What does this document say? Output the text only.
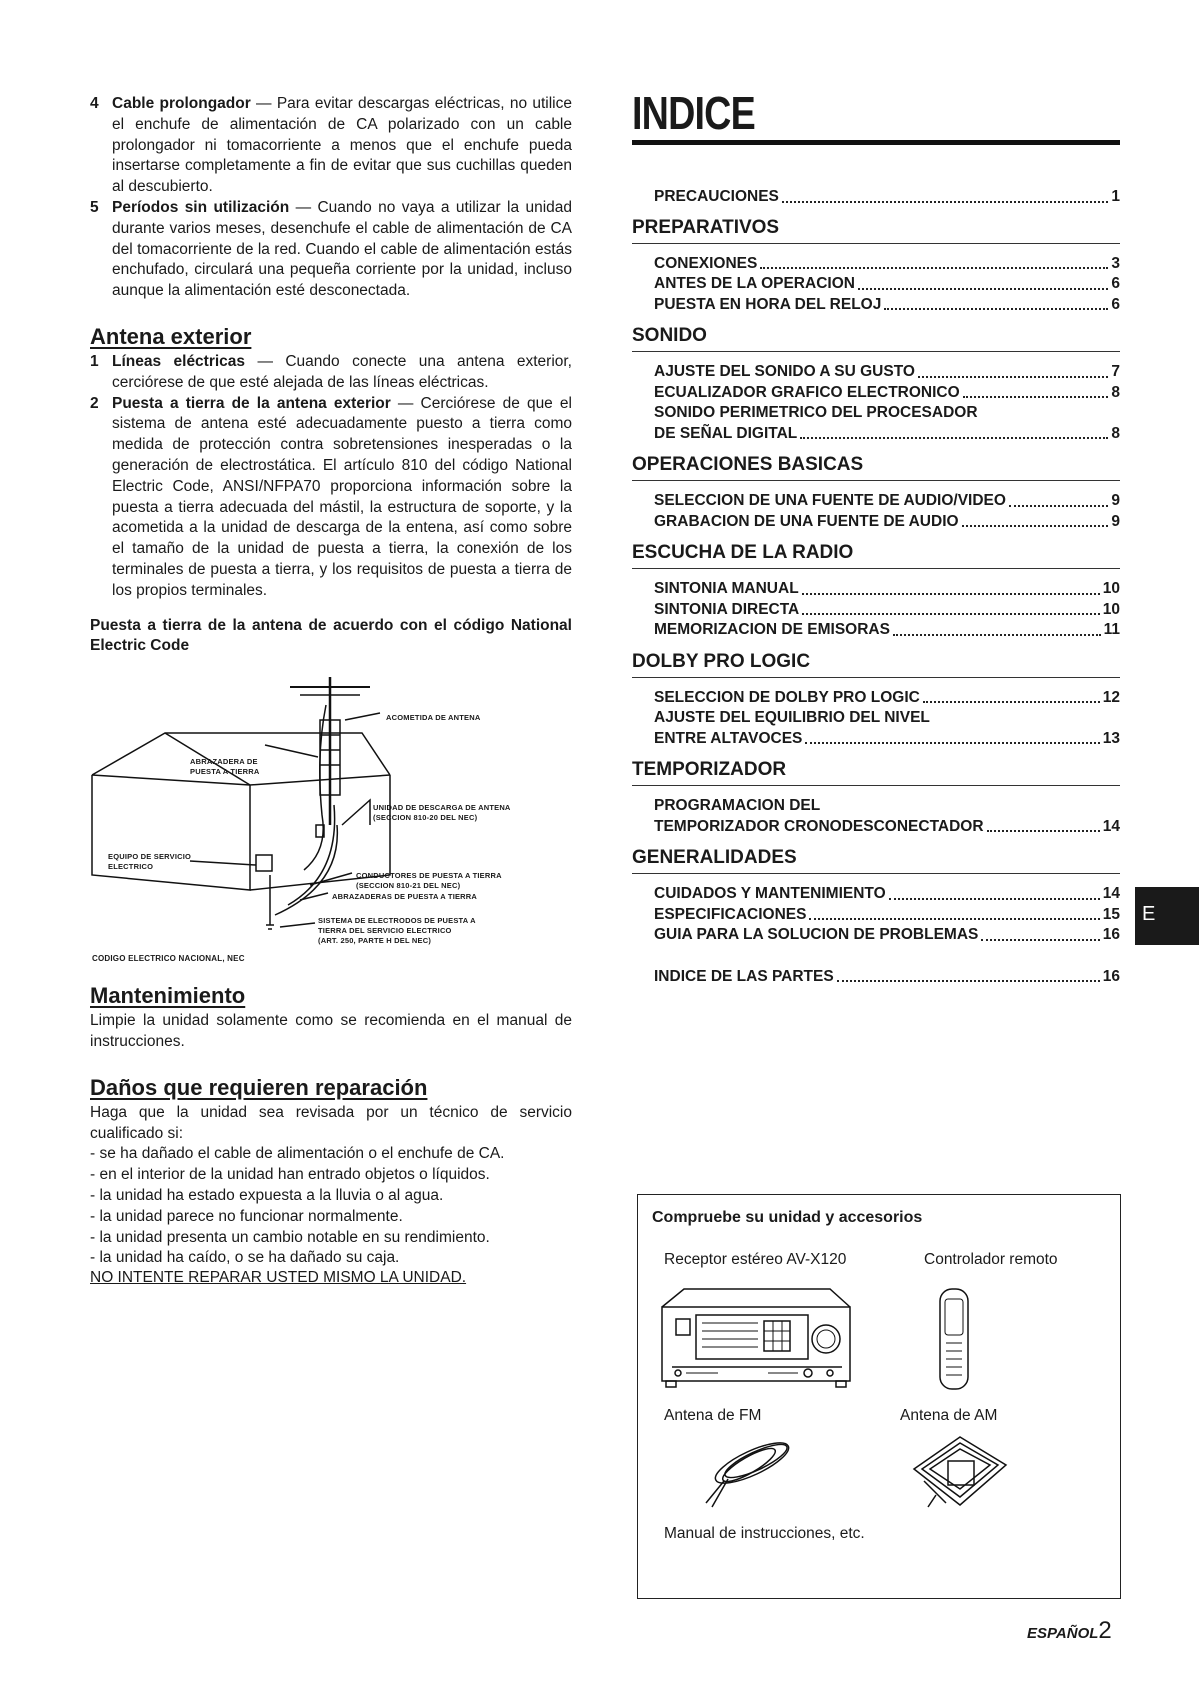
4 Cable prolongador — Para evitar descargas eléctricas, no utilice el enchufe de alimentación de CA polarizado con un cable prolongador ni tomacorriente a menos que el enchufe pueda insertarse completamente a fin de evitar que sus cuchillas queden al descubierto.
5 Períodos sin utilización — Cuando no vaya a utilizar la unidad durante varios meses, desenchufe el cable de alimentación de CA del tomacorriente de la red. Cuando el cable de alimentación estás enchufado, circulará una pequeña corriente por la unidad, incluso aunque la alimentación esté desconectada.
Antena exterior
1 Líneas eléctricas — Cuando conecte una antena exterior, cerciórese de que esté alejada de las líneas eléctricas.
2 Puesta a tierra de la antena exterior — Cerciórese de que el sistema de antena esté adecuadamente puesto a tierra como medida de protección contra sobretensiones inesperadas o la generación de electrostática. El artículo 810 del código National Electric Code, ANSI/NFPA70 proporciona información sobre la puesta a tierra adecuada del mástil, la estructura de soporte, y la acometida a la unidad de descarga de la entena, así como sobre el tamaño de la unidad de puesta a tierra, la conexión de los terminales de puesta a tierra, y los requisitos de puesta a tierra de los propios terminales.

Puesta a tierra de la antena de acuerdo con el código National Electric Code

ACOMETIDA DE ANTENA
ABRAZADERA DE
PUESTA A TIERRA
UNIDAD DE DESCARGA DE ANTENA
(SECCION 810-20 DEL NEC)
EQUIPO DE SERVICIO
ELECTRICO
CONDUCTORES DE PUESTA A TIERRA
(SECCION 810-21 DEL NEC)
ABRAZADERAS DE PUESTA A TIERRA
SISTEMA DE ELECTRODOS DE PUESTA A
TIERRA DEL SERVICIO ELECTRICO
(ART. 250, PARTE H DEL NEC)
CODIGO ELECTRICO NACIONAL, NEC
Mantenimiento

Limpie la unidad solamente como se recomienda en el manual de instrucciones.

Daños que requieren reparación

Haga que la unidad sea revisada por un técnico de servicio cualificado si:

- se ha dañado el cable de alimentación o el enchufe de CA.
- en el interior de la unidad han entrado objetos o líquidos.
- la unidad ha estado expuesta a la lluvia o al agua.
- la unidad parece no funcionar normalmente.
- la unidad presenta un cambio notable en su rendimiento.
- la unidad ha caído, o se ha dañado su caja.
NO INTENTE REPARAR USTED MISMO LA UNIDAD.
INDICE
PRECAUCIONES	1
PREPARATIVOS
CONEXIONES	3
ANTES DE LA OPERACION	6
PUESTA EN HORA DEL RELOJ	6
SONIDO
AJUSTE DEL SONIDO A SU GUSTO	7
ECUALIZADOR GRAFICO ELECTRONICO	8
SONIDO PERIMETRICO DEL PROCESADOR
DE SEÑAL DIGITAL	8
OPERACIONES BASICAS
SELECCION DE UNA FUENTE DE AUDIO/VIDEO	9
GRABACION DE UNA FUENTE DE AUDIO	9
ESCUCHA DE LA RADIO
SINTONIA MANUAL	10
SINTONIA DIRECTA	10
MEMORIZACION DE EMISORAS	11
DOLBY PRO LOGIC
SELECCION DE DOLBY PRO LOGIC	12
AJUSTE DEL EQUILIBRIO DEL NIVEL
ENTRE ALTAVOCES	13
TEMPORIZADOR
PROGRAMACION DEL
TEMPORIZADOR CRONODESCONECTADOR	14
GENERALIDADES
CUIDADOS Y MANTENIMIENTO	14
ESPECIFICACIONES	15
GUIA PARA LA SOLUCION DE PROBLEMAS	16
INDICE DE LAS PARTES	16
E
Compruebe su unidad y accesorios
Receptor estéreo AV-X120	Controlador remoto
Antena de FM	Antena de AM
Manual de instrucciones, etc.
ESPAÑOL2
